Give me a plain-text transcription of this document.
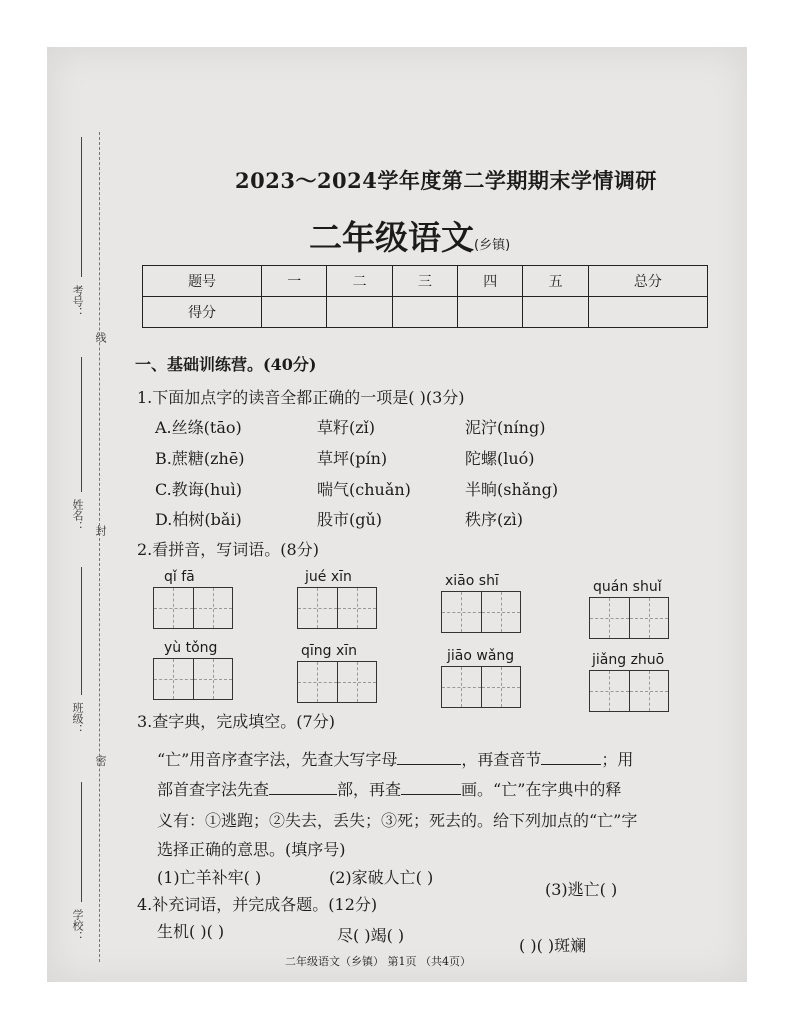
考号：
线
姓名： 封
班级：
密
学校：
2023～2024学年度第二学期期末学情调研
二年级语文(乡镇)
题号	一	二	三	四	五	总分
得分						
一、基础训练营。(40分)
1.下面加点字的读音全都正确的一项是( )(3分)
A.丝绦(tāo)	草籽(zǐ)	泥泞(níng)
B.蔗糖(zhē)	草坪(pín)	陀螺(luó)
C.教诲(huì)	喘气(chuǎn)	半晌(shǎng)
D.柏树(bǎi)	股市(gǔ)	秩序(zì)
2.看拼音，写词语。(8分)
qǐ fā	jué xīn	xiāo shī	quán shuǐ
yù tǒng	qīng xīn	jiāo wǎng	jiǎng zhuō
3.查字典，完成填空。(7分)
“亡”用音序查字法，先查大写字母	，再查音节	；用
部首查字法先查	部，再查	画。“亡”在字典中的释
义有：①逃跑；②失去，丢失；③死；死去的。给下列加点的“亡”字
选择正确的意思。(填序号)
(1)亡羊补牢( )	(2)家破人亡( )
(3)逃亡( )
4.补充词语，并完成各题。(12分)
生机( )( )	尽( )竭( )
( )( )斑斓
二年级语文（乡镇） 第1页 （共4页）
